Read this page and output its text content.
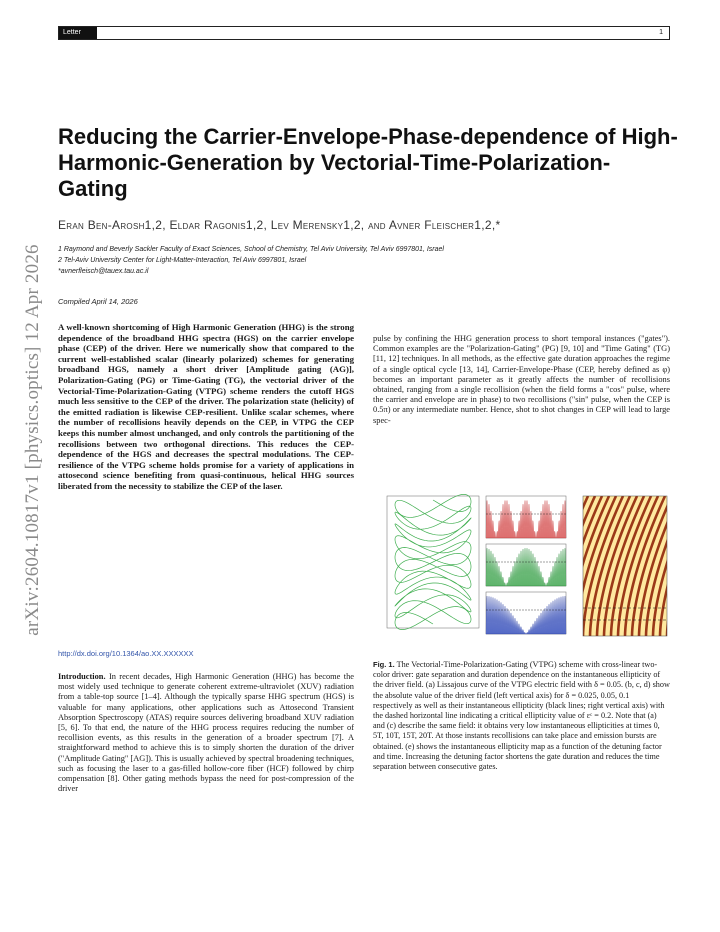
Letter	1
arXiv:2604.10817v1 [physics.optics] 12 Apr 2026
Reducing the Carrier-Envelope-Phase-dependence of High-Harmonic-Generation by Vectorial-Time-Polarization-Gating
Eran Ben-Arosh1,2, Eldar Ragonis1,2, Lev Merensky1,2, and Avner Fleischer1,2,*
1 Raymond and Beverly Sackler Faculty of Exact Sciences, School of Chemistry, Tel Aviv University, Tel Aviv 6997801, Israel
2 Tel-Aviv University Center for Light-Matter-Interaction, Tel Aviv 6997801, Israel
*avnerfleisch@tauex.tau.ac.il
Compiled April 14, 2026
A well-known shortcoming of High Harmonic Generation (HHG) is the strong dependence of the broadband HHG spectra (HGS) on the carrier envelope phase (CEP) of the driver. Here we numerically show that compared to the current well-established scalar (linearly polarized) schemes for generating broadband HGS, namely a short driver [Amplitude gating (AG)], Polarization-Gating (PG) or Time-Gating (TG), the vectorial driver of the Vectorial-Time-Polarization-Gating (VTPG) scheme renders the cutoff HGS much less sensitive to the CEP of the driver. The polarization state (helicity) of the emitted radiation is likewise CEP-resilient. Unlike scalar schemes, where the number of recollisions heavily depends on the CEP, in VTPG the CEP keeps this number almost unchanged, and only controls the partitioning of the recollisions between two orthogonal directions. This reduces the CEP-dependence of the HGS and decreases the spectral modulations. The CEP-resilience of the VTPG scheme holds promise for a variety of applications in attosecond science benefiting from quasi-continuous, helical HHG sources liberated from the necessity to stabilize the CEP of the laser.
http://dx.doi.org/10.1364/ao.XX.XXXXXX
Introduction. In recent decades, High Harmonic Generation (HHG) has become the most widely used technique to generate coherent extreme-ultraviolet (XUV) radiation from a table-top source [1–4]. Although the typically sparse HHG spectrum (HGS) is valuable for many applications, other applications such as Attosecond Transient Absorption Spectroscopy (ATAS) require sources delivering broadband XUV radiation [5, 6]. To that end, the nature of the HHG process requires reducing the number of recollision events, as this results in the generation of a broader spectrum [7]. A straightforward method to achieve this is to simply shorten the duration of the driver ("Amplitude Gating" [AG]). This is usually achieved by spectral broadening techniques, such as focusing the laser to a gas-filled hollow-core fiber (HCF) followed by chirp compensation [8]. Other gating methods bypass the need for post-compression of the driver
pulse by confining the HHG generation process to short temporal instances ("gates"). Common examples are the "Polarization-Gating" (PG) [9, 10] and "Time Gating" (TG) [11, 12] techniques. In all methods, as the effective gate duration approaches the regime of a single optical cycle [13, 14], Carrier-Envelope-Phase (CEP, hereby defined as φ) becomes an important parameter as it greatly affects the number of recollisions obtained, ranging from a single recollision (when the field forms a "cos" pulse, where the carrier and envelope are in phase) to two recollisions ("sin" pulse, when the CEP is 0.5π) or any intermediate number. Hence, shot to shot changes in CEP will lead to large spec-
Fig. 1. The Vectorial-Time-Polarization-Gating (VTPG) scheme with cross-linear two-color driver: gate separation and duration dependence on the instantaneous ellipticity of the driver field. (a) Lissajous curve of the VTPG electric field with δ = 0.05. (b, c, d) show the absolute value of the driver field (left vertical axis) for δ = 0.025, 0.05, 0.1 respectively as well as their instantaneous ellipticity (black lines; right vertical axis) with the dashed horizontal line indicating a critical ellipticity value of εᶜ = 0.2. Note that (a) and (c) describe the same field: it obtains very low instantaneous ellipticities at times 0, 5T, 10T, 15T, 20T. At those instants recollisions can take place and emission bursts are obtained. (e) shows the instantaneous ellipticity map as a function of the detuning factor and time. Increasing the detuning factor shortens the gate duration and reduces the time separation between consecutive gates.
